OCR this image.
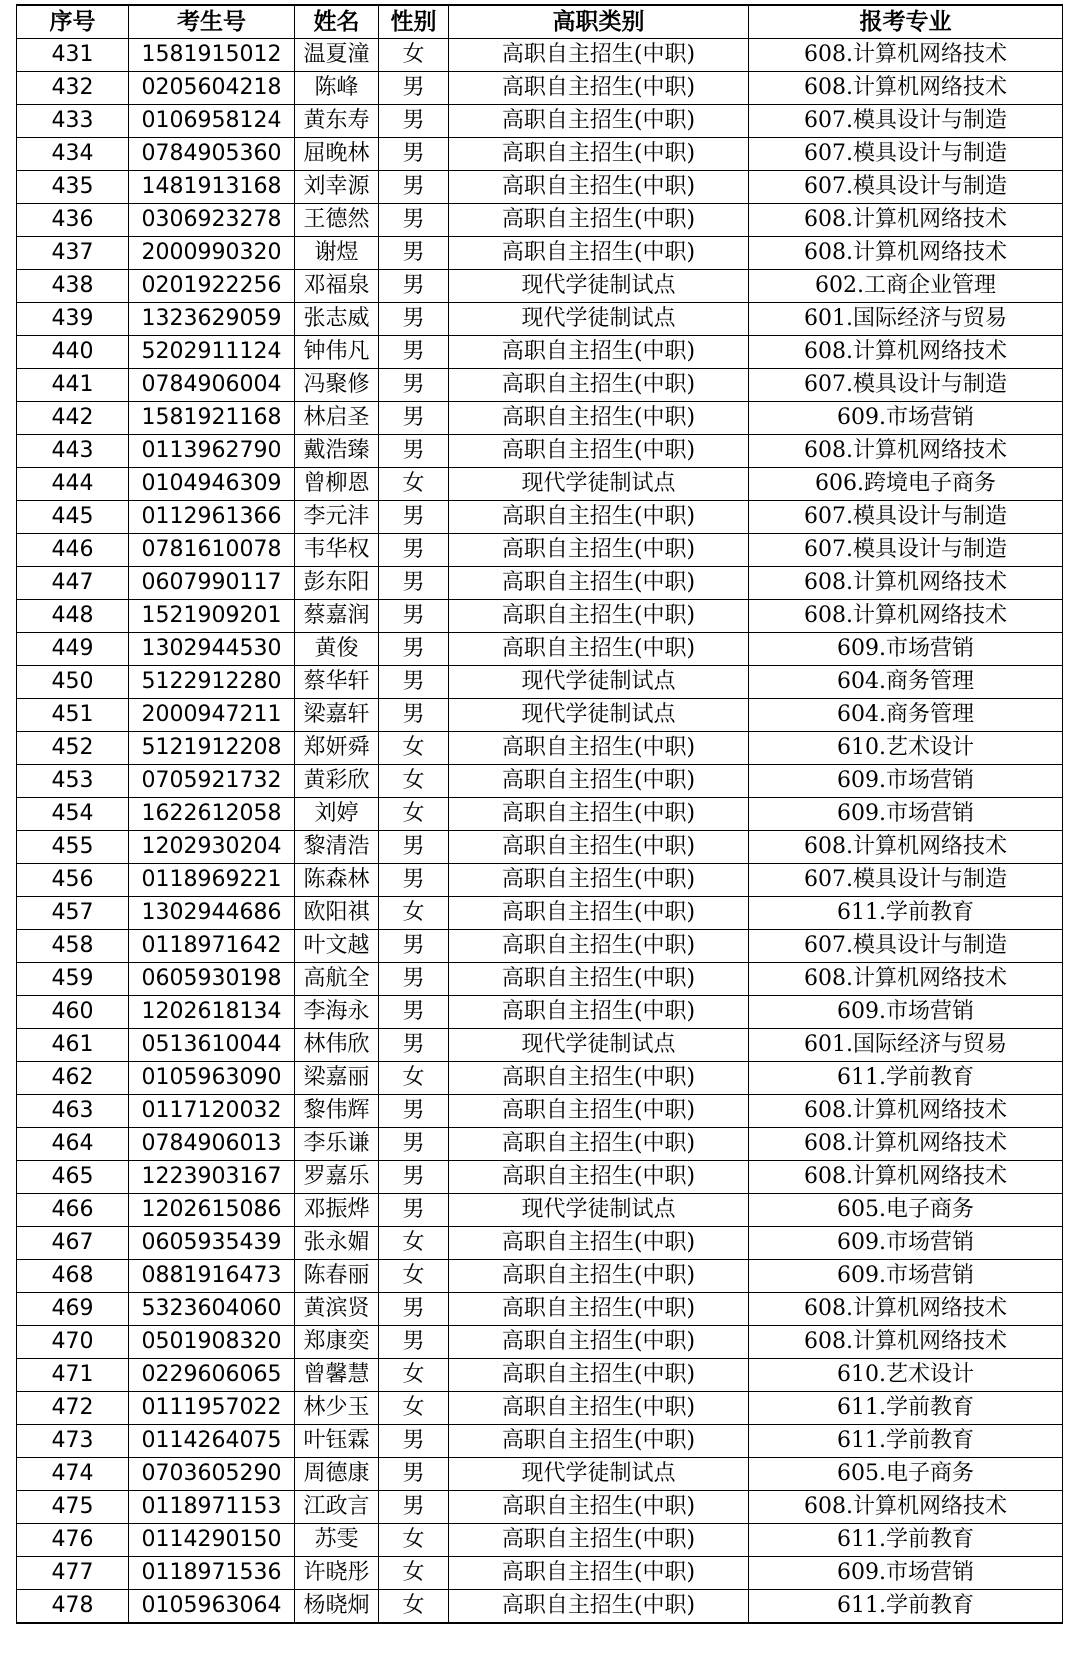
序号	考生号	姓名	性别	高职类别	报考专业
431	1581915012	温夏潼	女	高职自主招生(中职)	608.计算机网络技术
432	0205604218	陈峰	男	高职自主招生(中职)	608.计算机网络技术
433	0106958124	黄东寿	男	高职自主招生(中职)	607.模具设计与制造
434	0784905360	屈晚林	男	高职自主招生(中职)	607.模具设计与制造
435	1481913168	刘幸源	男	高职自主招生(中职)	607.模具设计与制造
436	0306923278	王德然	男	高职自主招生(中职)	608.计算机网络技术
437	2000990320	谢煜	男	高职自主招生(中职)	608.计算机网络技术
438	0201922256	邓福泉	男	现代学徒制试点	602.工商企业管理
439	1323629059	张志威	男	现代学徒制试点	601.国际经济与贸易
440	5202911124	钟伟凡	男	高职自主招生(中职)	608.计算机网络技术
441	0784906004	冯聚修	男	高职自主招生(中职)	607.模具设计与制造
442	1581921168	林启圣	男	高职自主招生(中职)	609.市场营销
443	0113962790	戴浩臻	男	高职自主招生(中职)	608.计算机网络技术
444	0104946309	曾柳恩	女	现代学徒制试点	606.跨境电子商务
445	0112961366	李元沣	男	高职自主招生(中职)	607.模具设计与制造
446	0781610078	韦华权	男	高职自主招生(中职)	607.模具设计与制造
447	0607990117	彭东阳	男	高职自主招生(中职)	608.计算机网络技术
448	1521909201	蔡嘉润	男	高职自主招生(中职)	608.计算机网络技术
449	1302944530	黄俊	男	高职自主招生(中职)	609.市场营销
450	5122912280	蔡华轩	男	现代学徒制试点	604.商务管理
451	2000947211	梁嘉轩	男	现代学徒制试点	604.商务管理
452	5121912208	郑妍舜	女	高职自主招生(中职)	610.艺术设计
453	0705921732	黄彩欣	女	高职自主招生(中职)	609.市场营销
454	1622612058	刘婷	女	高职自主招生(中职)	609.市场营销
455	1202930204	黎清浩	男	高职自主招生(中职)	608.计算机网络技术
456	0118969221	陈森林	男	高职自主招生(中职)	607.模具设计与制造
457	1302944686	欧阳祺	女	高职自主招生(中职)	611.学前教育
458	0118971642	叶文越	男	高职自主招生(中职)	607.模具设计与制造
459	0605930198	高航全	男	高职自主招生(中职)	608.计算机网络技术
460	1202618134	李海永	男	高职自主招生(中职)	609.市场营销
461	0513610044	林伟欣	男	现代学徒制试点	601.国际经济与贸易
462	0105963090	梁嘉丽	女	高职自主招生(中职)	611.学前教育
463	0117120032	黎伟辉	男	高职自主招生(中职)	608.计算机网络技术
464	0784906013	李乐谦	男	高职自主招生(中职)	608.计算机网络技术
465	1223903167	罗嘉乐	男	高职自主招生(中职)	608.计算机网络技术
466	1202615086	邓振烨	男	现代学徒制试点	605.电子商务
467	0605935439	张永媚	女	高职自主招生(中职)	609.市场营销
468	0881916473	陈春丽	女	高职自主招生(中职)	609.市场营销
469	5323604060	黄滨贤	男	高职自主招生(中职)	608.计算机网络技术
470	0501908320	郑康奕	男	高职自主招生(中职)	608.计算机网络技术
471	0229606065	曾馨慧	女	高职自主招生(中职)	610.艺术设计
472	0111957022	林少玉	女	高职自主招生(中职)	611.学前教育
473	0114264075	叶钰霖	男	高职自主招生(中职)	611.学前教育
474	0703605290	周德康	男	现代学徒制试点	605.电子商务
475	0118971153	江政言	男	高职自主招生(中职)	608.计算机网络技术
476	0114290150	苏雯	女	高职自主招生(中职)	611.学前教育
477	0118971536	许晓彤	女	高职自主招生(中职)	609.市场营销
478	0105963064	杨晓炯	女	高职自主招生(中职)	611.学前教育
